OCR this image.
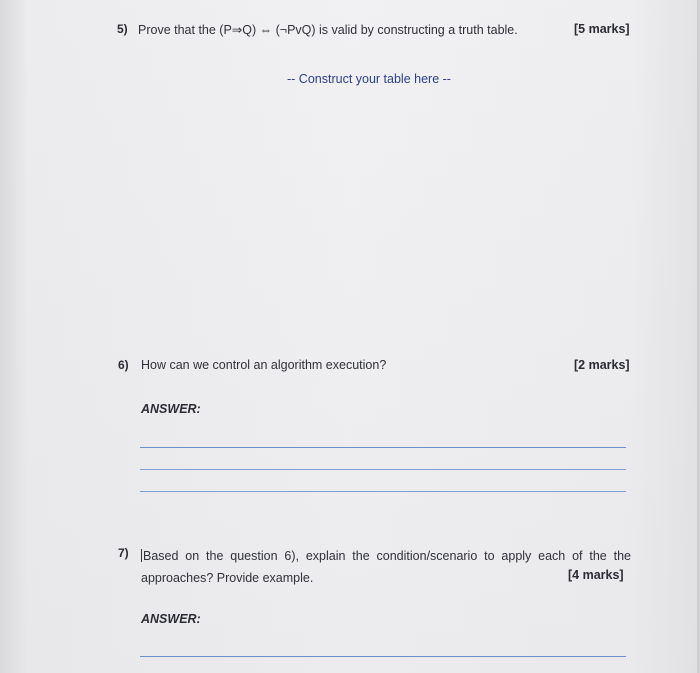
5) Prove that the (P⇒Q) ⇔ (¬PvQ) is valid by constructing a truth table.	[5 marks]
-- Construct your table here --
6) How can we control an algorithm execution?	[2 marks]
ANSWER:
7) Based on the question 6), explain the condition/scenario to apply each of the the approaches? Provide example.	[4 marks]
ANSWER:
